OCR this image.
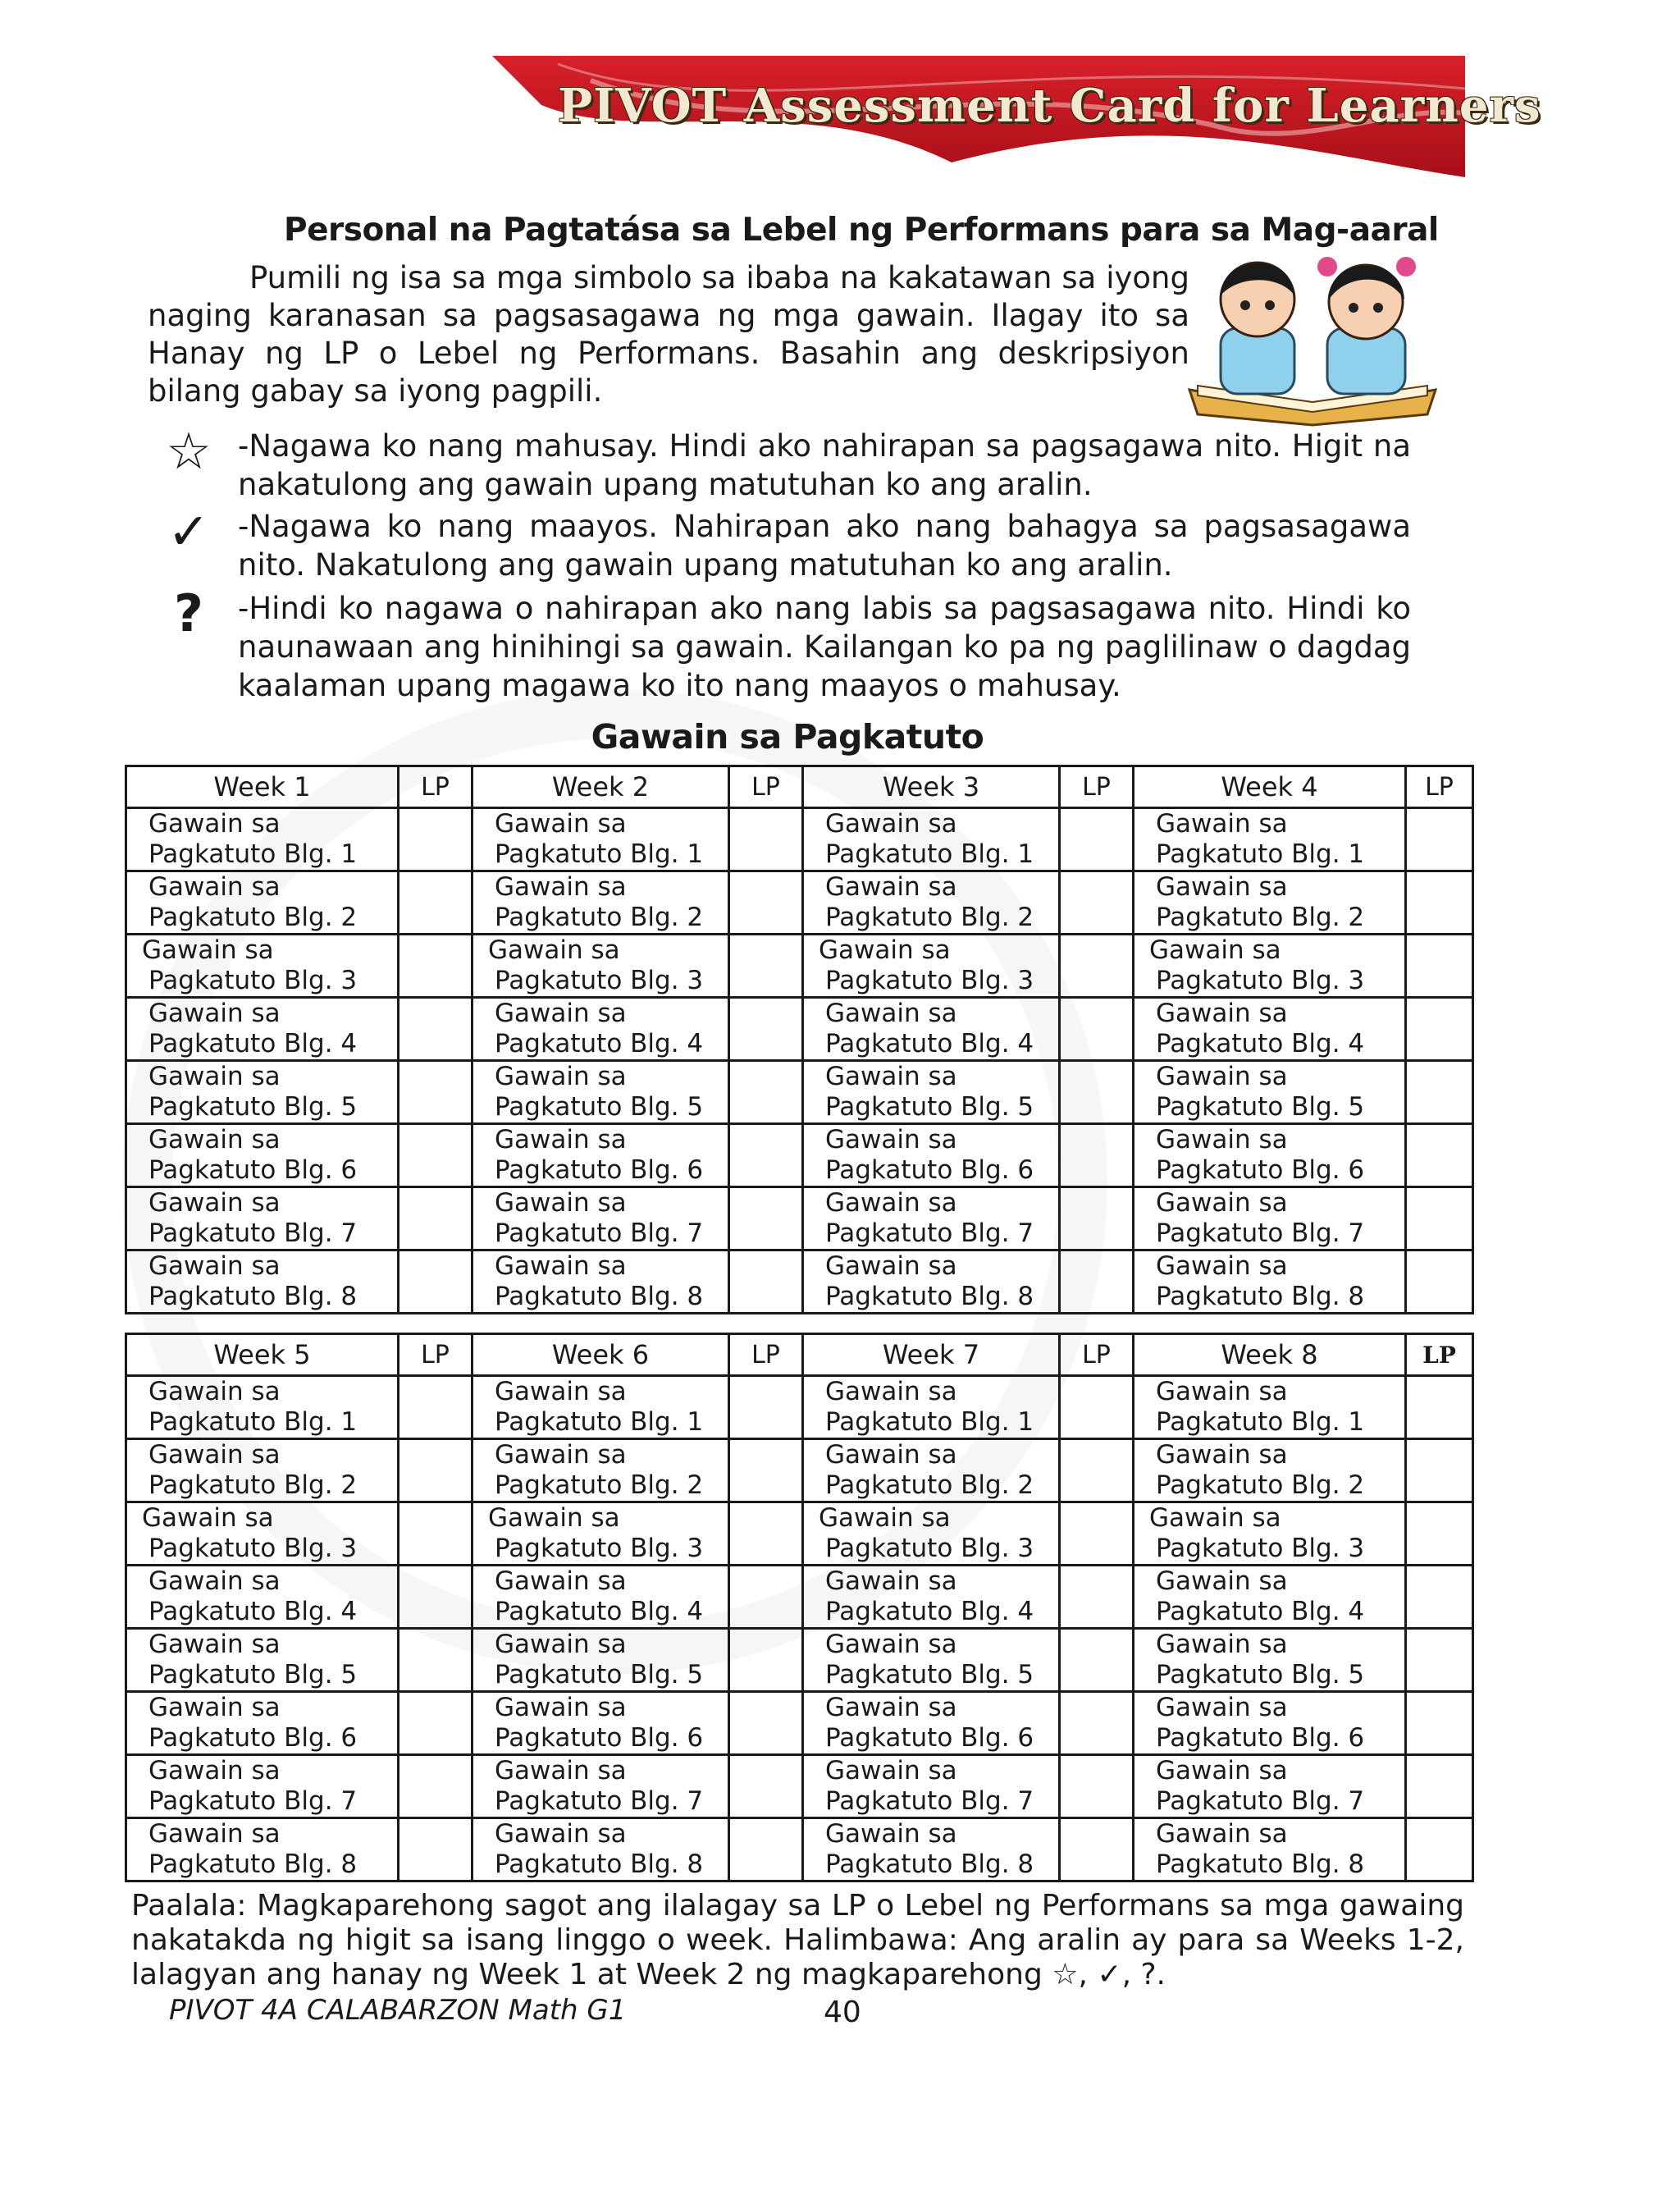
PIVOT Assessment Card for Learners
Personal na Pagtatása sa Lebel ng Performans para sa Mag-aaral
Pumili ng isa sa mga simbolo sa ibaba na kakatawan sa iyong naging karanasan sa pagsasagawa ng mga gawain. Ilagay ito sa Hanay ng LP o Lebel ng Performans. Basahin ang deskripsiyon bilang gabay sa iyong pagpili.
☆ -Nagawa ko nang mahusay. Hindi ako nahirapan sa pagsagawa nito. Higit na nakatulong ang gawain upang matutuhan ko ang aralin.
✓ -Nagawa ko nang maayos. Nahirapan ako nang bahagya sa pagsasagawa nito. Nakatulong ang gawain upang matutuhan ko ang aralin.
?	-Hindi ko nagawa o nahirapan ako nang labis sa pagsasagawa nito. Hindi ko naunawaan ang hinihingi sa gawain. Kailangan ko pa ng paglilinaw o dagdag kaalaman upang magawa ko ito nang maayos o mahusay.
Gawain sa Pagkatuto
Week 1	LP	Week 2	LP	Week 3	LP	Week 4	LP

Gawain sa
Pagkatuto Blg. 1		Gawain sa
Pagkatuto Blg. 1		Gawain sa
Pagkatuto Blg. 1		Gawain sa
Pagkatuto Blg. 1	

Gawain sa
Pagkatuto Blg. 2		Gawain sa
Pagkatuto Blg. 2		Gawain sa
Pagkatuto Blg. 2		Gawain sa
Pagkatuto Blg. 2	

Gawain sa
Pagkatuto Blg. 3		Gawain sa
Pagkatuto Blg. 3		Gawain sa
Pagkatuto Blg. 3		Gawain sa
Pagkatuto Blg. 3	

Gawain sa
Pagkatuto Blg. 4		Gawain sa
Pagkatuto Blg. 4		Gawain sa
Pagkatuto Blg. 4		Gawain sa
Pagkatuto Blg. 4	

Gawain sa
Pagkatuto Blg. 5		Gawain sa
Pagkatuto Blg. 5		Gawain sa
Pagkatuto Blg. 5		Gawain sa
Pagkatuto Blg. 5	

Gawain sa
Pagkatuto Blg. 6		Gawain sa
Pagkatuto Blg. 6		Gawain sa
Pagkatuto Blg. 6		Gawain sa
Pagkatuto Blg. 6	

Gawain sa
Pagkatuto Blg. 7		Gawain sa
Pagkatuto Blg. 7		Gawain sa
Pagkatuto Blg. 7		Gawain sa
Pagkatuto Blg. 7	

Gawain sa
Pagkatuto Blg. 8		Gawain sa
Pagkatuto Blg. 8		Gawain sa
Pagkatuto Blg. 8		Gawain sa
Pagkatuto Blg. 8	
Week 5	LP	Week 6	LP	Week 7	LP	Week 8	LP

Gawain sa
Pagkatuto Blg. 1		Gawain sa
Pagkatuto Blg. 1		Gawain sa
Pagkatuto Blg. 1		Gawain sa
Pagkatuto Blg. 1	

Gawain sa
Pagkatuto Blg. 2		Gawain sa
Pagkatuto Blg. 2		Gawain sa
Pagkatuto Blg. 2		Gawain sa
Pagkatuto Blg. 2	

Gawain sa
Pagkatuto Blg. 3		Gawain sa
Pagkatuto Blg. 3		Gawain sa
Pagkatuto Blg. 3		Gawain sa
Pagkatuto Blg. 3	

Gawain sa
Pagkatuto Blg. 4		Gawain sa
Pagkatuto Blg. 4		Gawain sa
Pagkatuto Blg. 4		Gawain sa
Pagkatuto Blg. 4	

Gawain sa
Pagkatuto Blg. 5		Gawain sa
Pagkatuto Blg. 5		Gawain sa
Pagkatuto Blg. 5		Gawain sa
Pagkatuto Blg. 5	

Gawain sa
Pagkatuto Blg. 6		Gawain sa
Pagkatuto Blg. 6		Gawain sa
Pagkatuto Blg. 6		Gawain sa
Pagkatuto Blg. 6	

Gawain sa
Pagkatuto Blg. 7		Gawain sa
Pagkatuto Blg. 7		Gawain sa
Pagkatuto Blg. 7		Gawain sa
Pagkatuto Blg. 7	

Gawain sa
Pagkatuto Blg. 8		Gawain sa
Pagkatuto Blg. 8		Gawain sa
Pagkatuto Blg. 8		Gawain sa
Pagkatuto Blg. 8	
Paalala: Magkaparehong sagot ang ilalagay sa LP o Lebel ng Performans sa mga gawaing nakatakda ng higit sa isang linggo o week. Halimbawa: Ang aralin ay para sa Weeks 1-2, lalagyan ang hanay ng Week 1 at Week 2 ng magkaparehong ☆, ✓, ?.
PIVOT 4A CALABARZON Math G1	40
